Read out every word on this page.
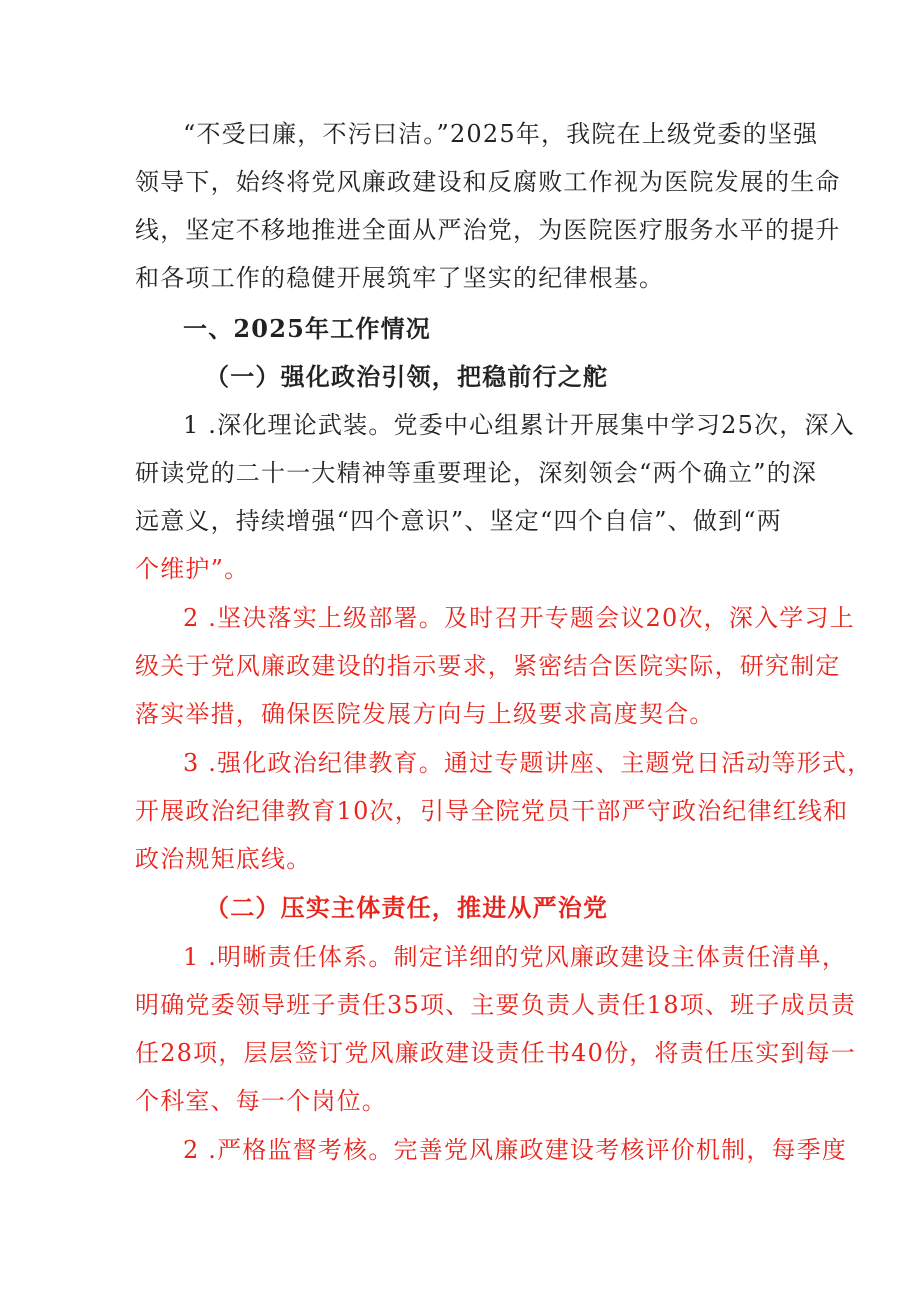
“不受曰廉，不污曰洁。”2025年，我院在上级党委的坚强
领导下，始终将党风廉政建设和反腐败工作视为医院发展的生命
线，坚定不移地推进全面从严治党，为医院医疗服务水平的提升
和各项工作的稳健开展筑牢了坚实的纪律根基。
一、2025年工作情况
（一）强化政治引领，把稳前行之舵
1 .深化理论武装。党委中心组累计开展集中学习25次，深入
研读党的二十一大精神等重要理论，深刻领会“两个确立”的深
远意义，持续增强“四个意识”、坚定“四个自信”、做到“两
个维护”。
2 .坚决落实上级部署。及时召开专题会议20次，深入学习上
级关于党风廉政建设的指示要求，紧密结合医院实际，研究制定
落实举措，确保医院发展方向与上级要求高度契合。
3 .强化政治纪律教育。通过专题讲座、主题党日活动等形式，
开展政治纪律教育10次，引导全院党员干部严守政治纪律红线和
政治规矩底线。
（二）压实主体责任，推进从严治党
1 .明晰责任体系。制定详细的党风廉政建设主体责任清单，
明确党委领导班子责任35项、主要负责人责任18项、班子成员责
任28项，层层签订党风廉政建设责任书40份，将责任压实到每一
个科室、每一个岗位。
2 .严格监督考核。完善党风廉政建设考核评价机制，每季度
